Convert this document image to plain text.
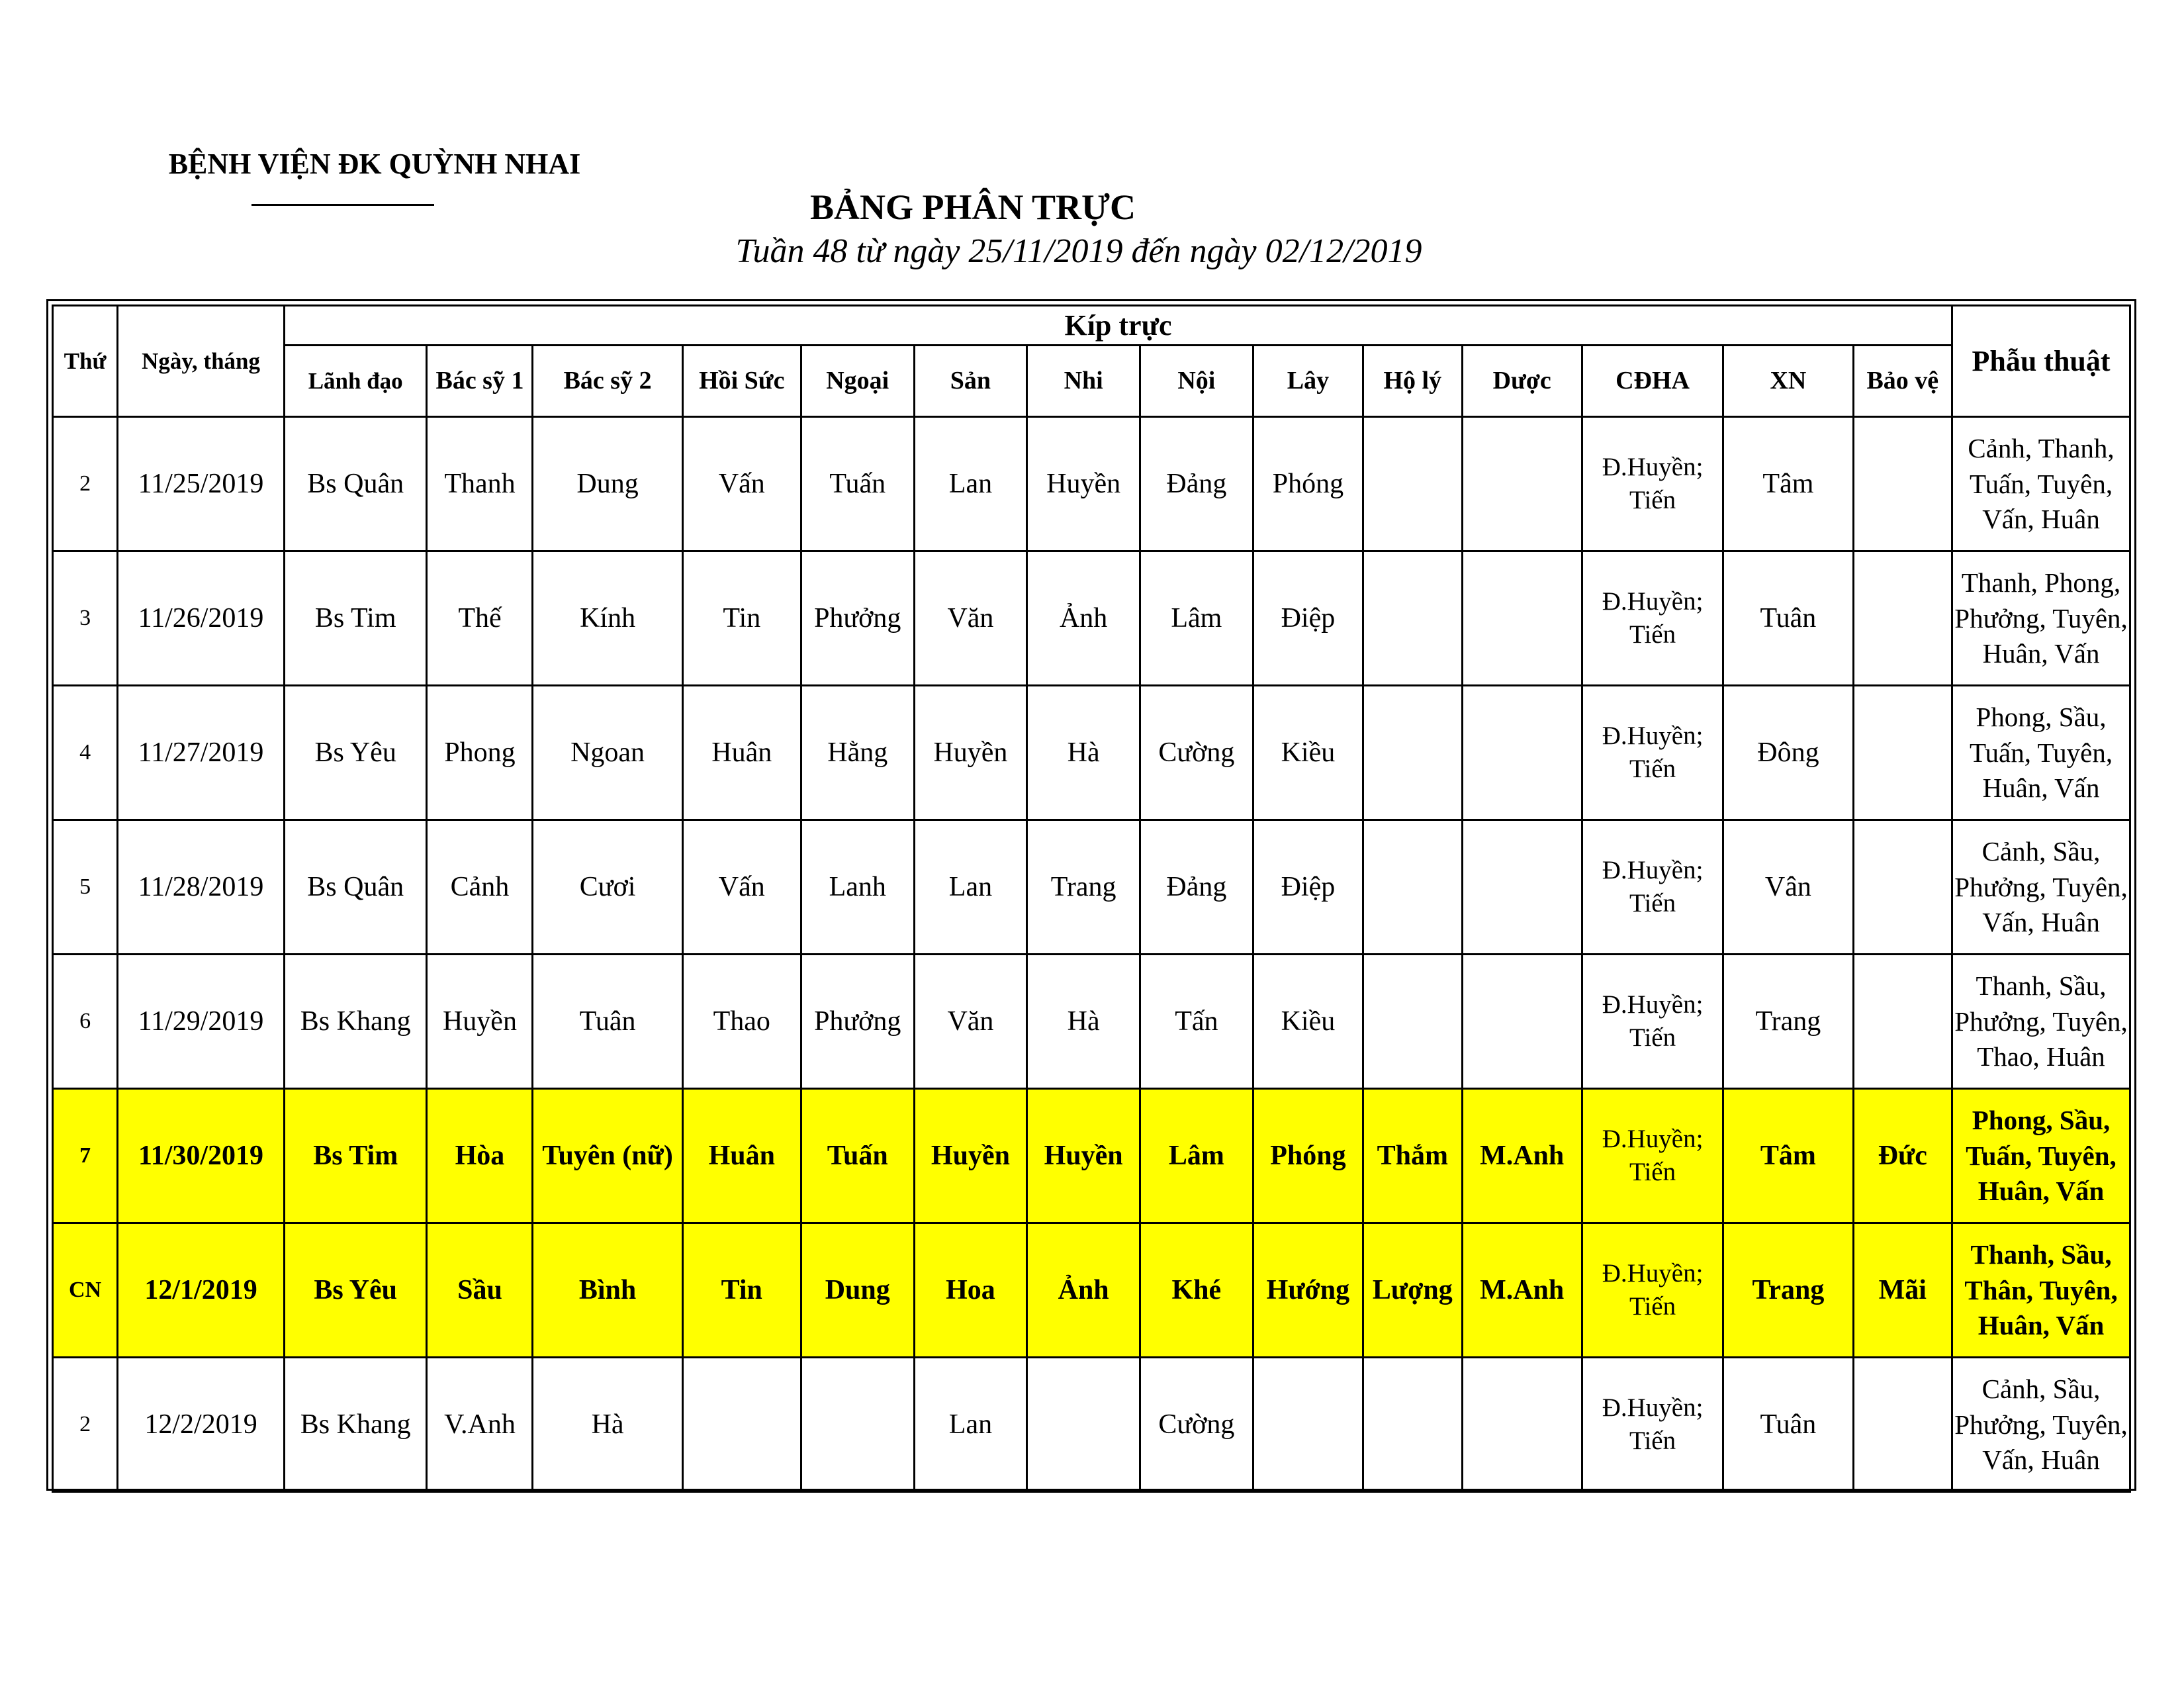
BỆNH VIỆN ĐK QUỲNH NHAI
BẢNG PHÂN TRỰC
Tuần 48 từ ngày 25/11/2019 đến ngày 02/12/2019
Thứ	Ngày, tháng	Kíp trực														Phẫu thuật
		Lãnh đạo	Bác sỹ 1	Bác sỹ 2	Hồi Sức	Ngoại	Sản	Nhi	Nội	Lây	Hộ lý	Dược	CĐHA	XN	Bảo vệ	
2	11/25/2019	Bs Quân	Thanh	Dung	Vấn	Tuấn	Lan	Huyền	Đảng	Phóng			Đ.Huyền; Tiến	Tâm		Cảnh, Thanh, Tuấn, Tuyên, Vấn, Huân
3	11/26/2019	Bs Tim	Thế	Kính	Tin	Phưởng	Văn	Ảnh	Lâm	Điệp			Đ.Huyền; Tiến	Tuân		Thanh, Phong, Phưởng, Tuyên, Huân, Vấn
4	11/27/2019	Bs Yêu	Phong	Ngoan	Huân	Hằng	Huyền	Hà	Cường	Kiều			Đ.Huyền; Tiến	Đông		Phong, Sầu, Tuấn, Tuyên, Huân, Vấn
5	11/28/2019	Bs Quân	Cảnh	Cươi	Vấn	Lanh	Lan	Trang	Đảng	Điệp			Đ.Huyền; Tiến	Vân		Cảnh, Sầu, Phưởng, Tuyên, Vấn, Huân
6	11/29/2019	Bs Khang	Huyền	Tuân	Thao	Phưởng	Văn	Hà	Tấn	Kiều			Đ.Huyền; Tiến	Trang		Thanh, Sầu, Phưởng, Tuyên, Thao, Huân
7	11/30/2019	Bs Tim	Hòa	Tuyên (nữ)	Huân	Tuấn	Huyền	Huyền	Lâm	Phóng	Thắm	M.Anh	Đ.Huyền; Tiến	Tâm	Đức	Phong, Sầu, Tuấn, Tuyên, Huân, Vấn
CN	12/1/2019	Bs Yêu	Sầu	Bình	Tin	Dung	Hoa	Ảnh	Khé	Hướng	Lượng	M.Anh	Đ.Huyền; Tiến	Trang	Mãi	Thanh, Sầu, Thân, Tuyên, Huân, Vấn
2	12/2/2019	Bs Khang	V.Anh	Hà			Lan		Cường				Đ.Huyền; Tiến	Tuân		Cảnh, Sầu, Phưởng, Tuyên, Vấn, Huân
